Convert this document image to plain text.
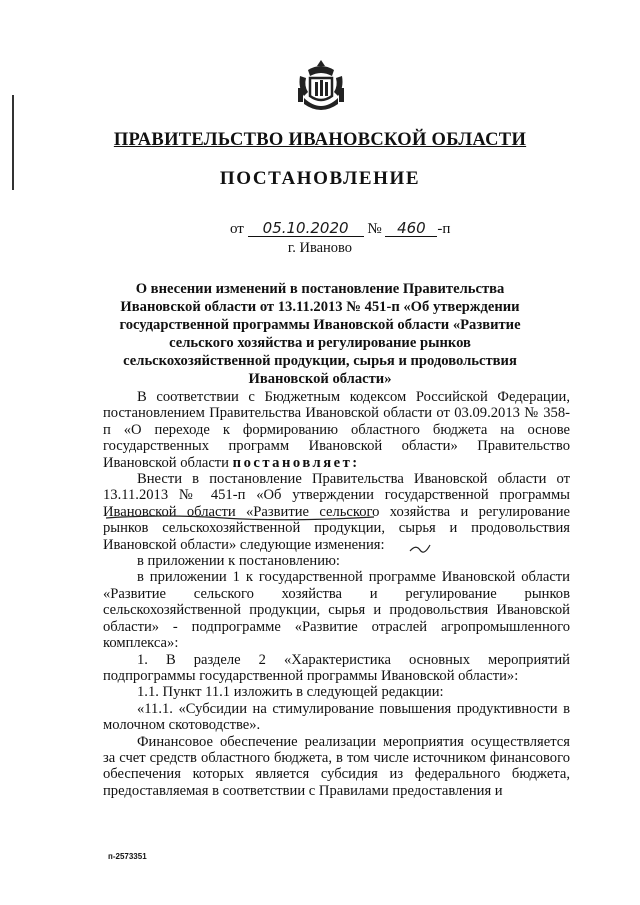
ПРАВИТЕЛЬСТВО ИВАНОВСКОЙ ОБЛАСТИ
ПОСТАНОВЛЕНИЕ
от 05.10.2020 № 460 -п
г. Иваново
О внесении изменений в постановление Правительства Ивановской области от 13.11.2013 № 451-п «Об утверждении государственной программы Ивановской области «Развитие сельского хозяйства и регулирование рынков сельскохозяйственной продукции, сырья и продовольствия Ивановской области»

В соответствии с Бюджетным кодексом Российской Федерации, постановлением Правительства Ивановской области от 03.09.2013 № 358-п «О переходе к формированию областного бюджета на основе государственных программ Ивановской области» Правительство Ивановской области постановляет:

Внести в постановление Правительства Ивановской области от 13.11.2013 № 451-п «Об утверждении государственной программы Ивановской области «Развитие сельского хозяйства и регулирование рынков сельскохозяйственной продукции, сырья и продовольствия Ивановской области» следующие изменения:

в приложении к постановлению:

в приложении 1 к государственной программе Ивановской области «Развитие сельского хозяйства и регулирование рынков сельскохозяйственной продукции, сырья и продовольствия Ивановской области» - подпрограмме «Развитие отраслей агропромышленного комплекса»:

1. В разделе 2 «Характеристика основных мероприятий подпрограммы государственной программы Ивановской области»:

1.1. Пункт 11.1 изложить в следующей редакции:

«11.1. «Субсидии на стимулирование повышения продуктивности в молочном скотоводстве».

Финансовое обеспечение реализации мероприятия осуществляется за счет средств областного бюджета, в том числе источником финансового обеспечения которых является субсидия из федерального бюджета, предоставляемая в соответствии с Правилами предоставления и

п-2573351
